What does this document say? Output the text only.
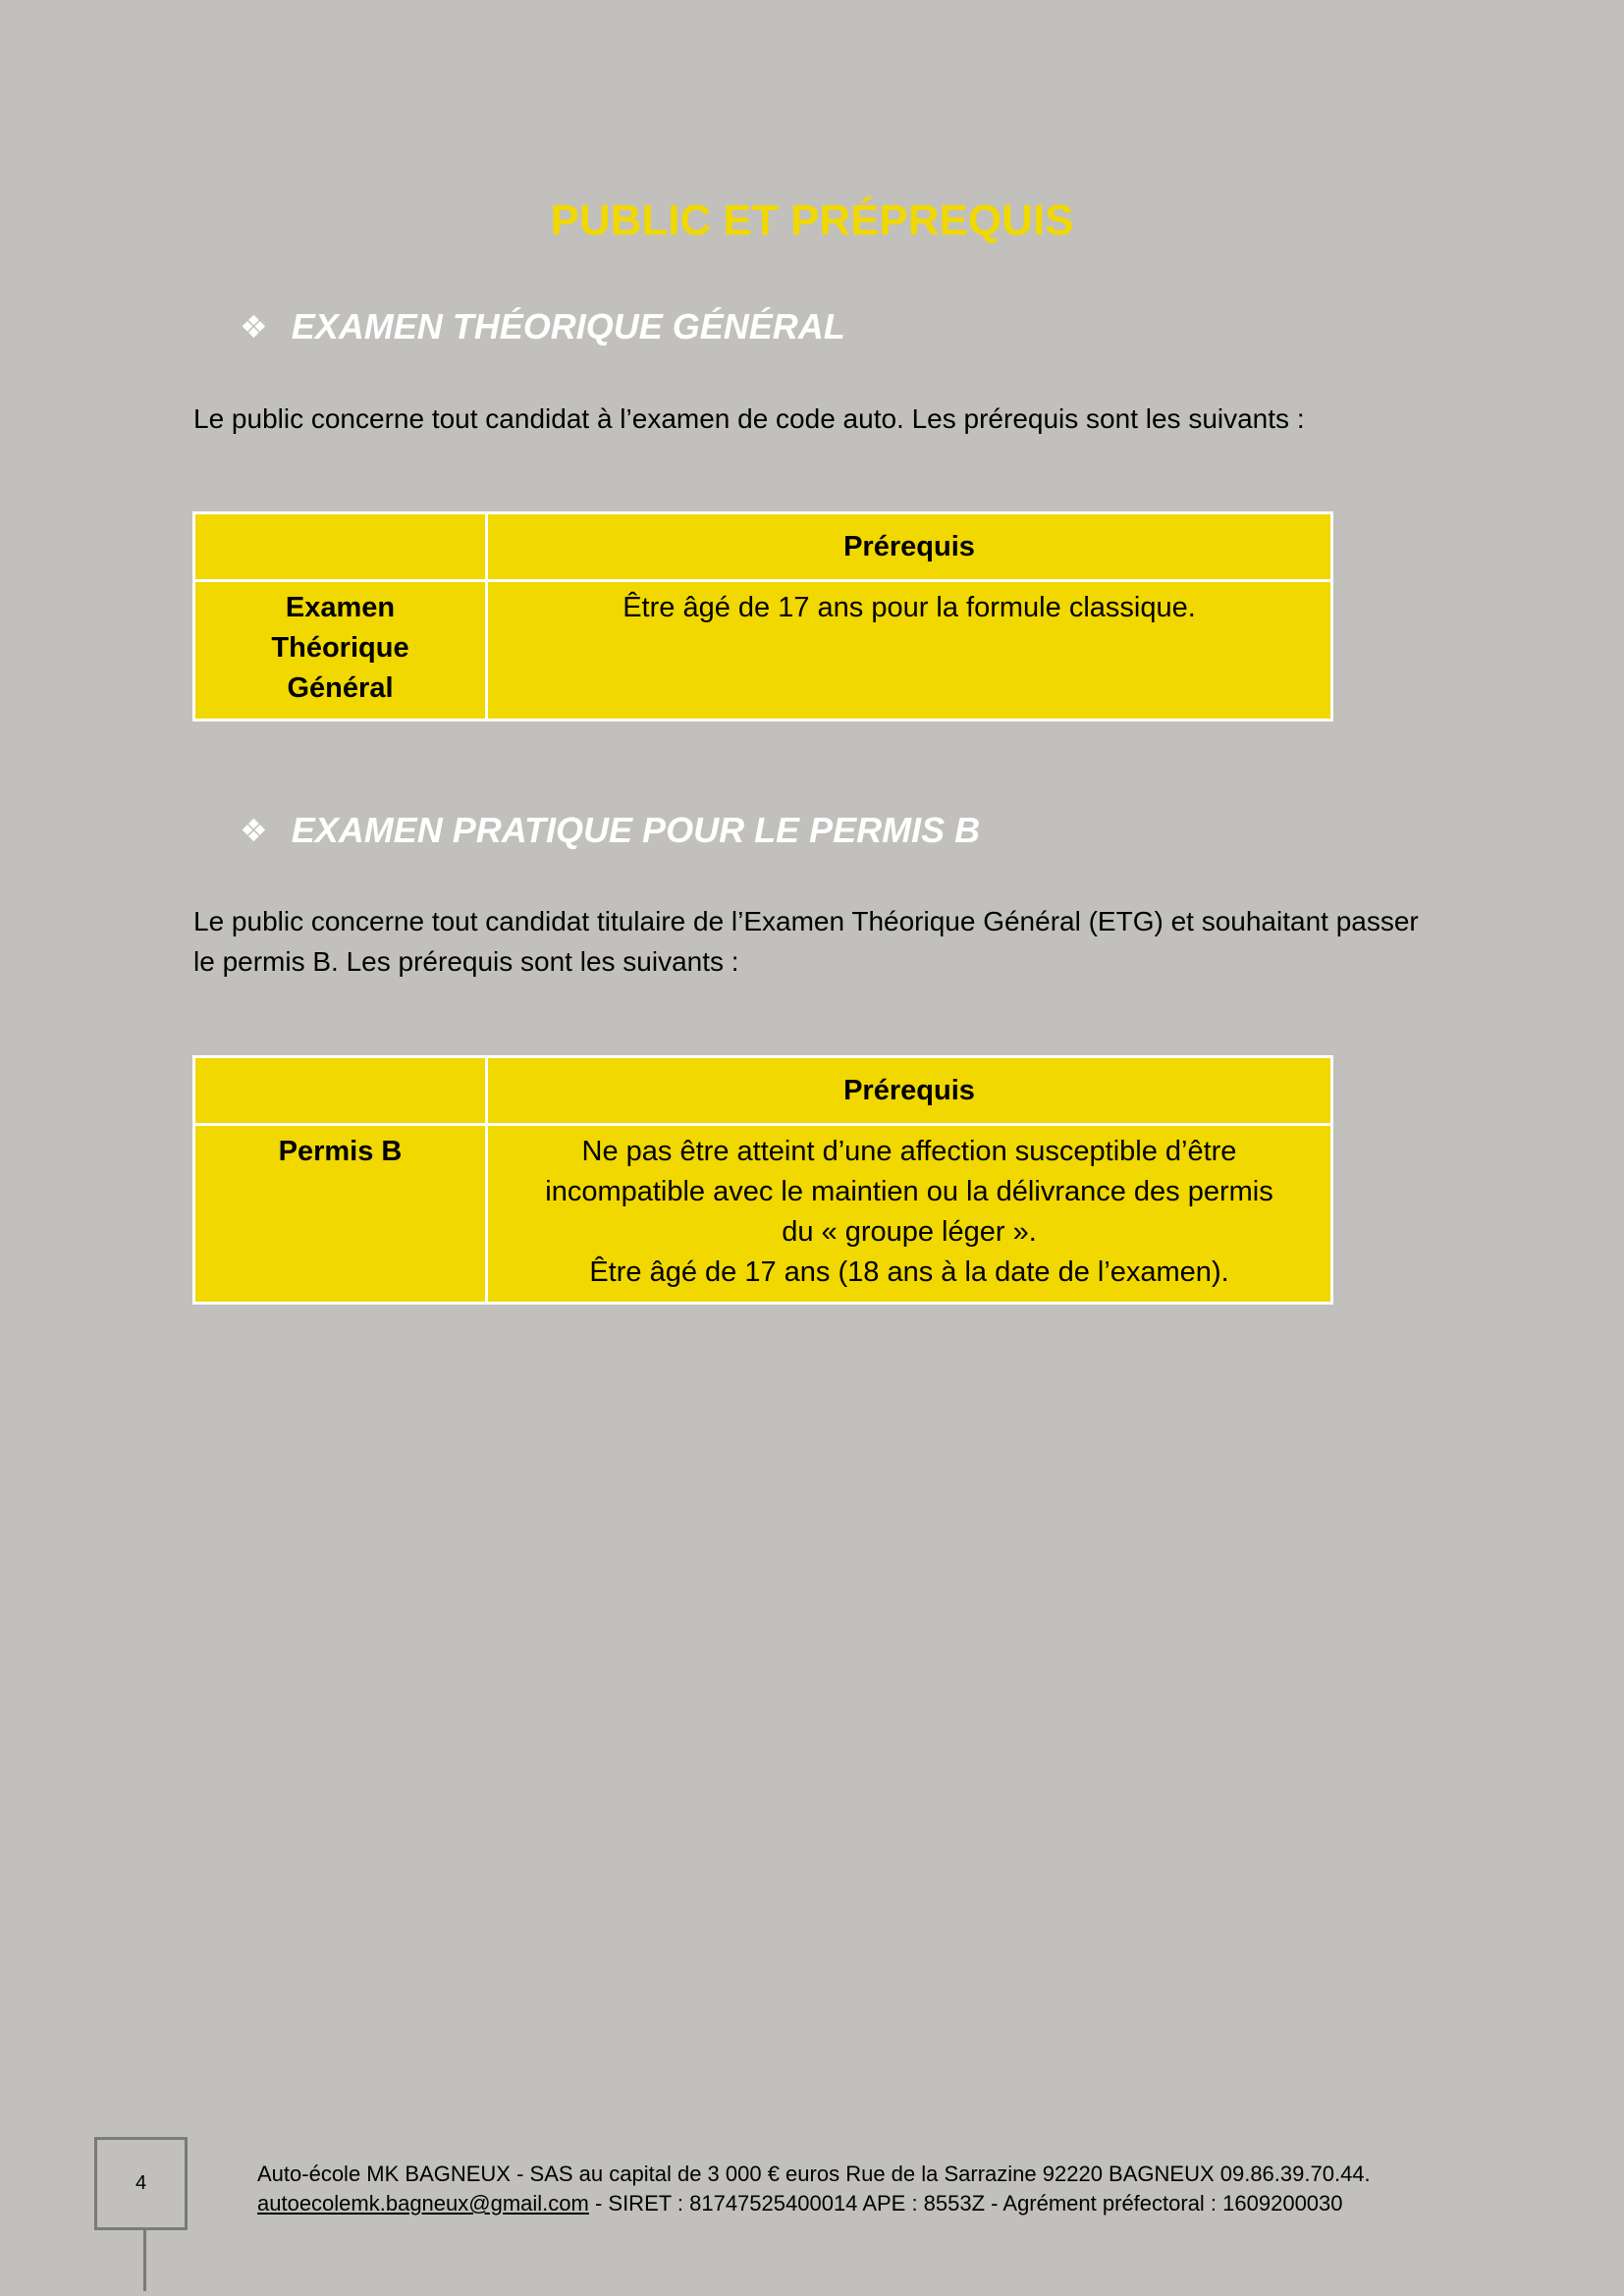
PUBLIC ET PRÉPREQUIS
❖ EXAMEN THÉORIQUE GÉNÉRAL

Le public concerne tout candidat à l’examen de code auto. Les prérequis sont les suivants :

	Prérequis
Examen
Théorique
Général	Être âgé de 17 ans pour la formule classique.
❖ EXAMEN PRATIQUE POUR LE PERMIS B

Le public concerne tout candidat titulaire de l’Examen Théorique Général (ETG) et souhaitant passer
le permis B. Les prérequis sont les suivants :

	Prérequis
Permis B	Ne pas être atteint d’une affection susceptible d’être
incompatible avec le maintien ou la délivrance des permis
du « groupe léger ».
Être âgé de 17 ans (18 ans à la date de l’examen).
4	Auto-école MK BAGNEUX - SAS au capital de 3 000 € euros Rue de la Sarrazine 92220 BAGNEUX 09.86.39.70.44.
autoecolemk.bagneux@gmail.com - SIRET : 81747525400014 APE : 8553Z - Agrément préfectoral : 1609200030
